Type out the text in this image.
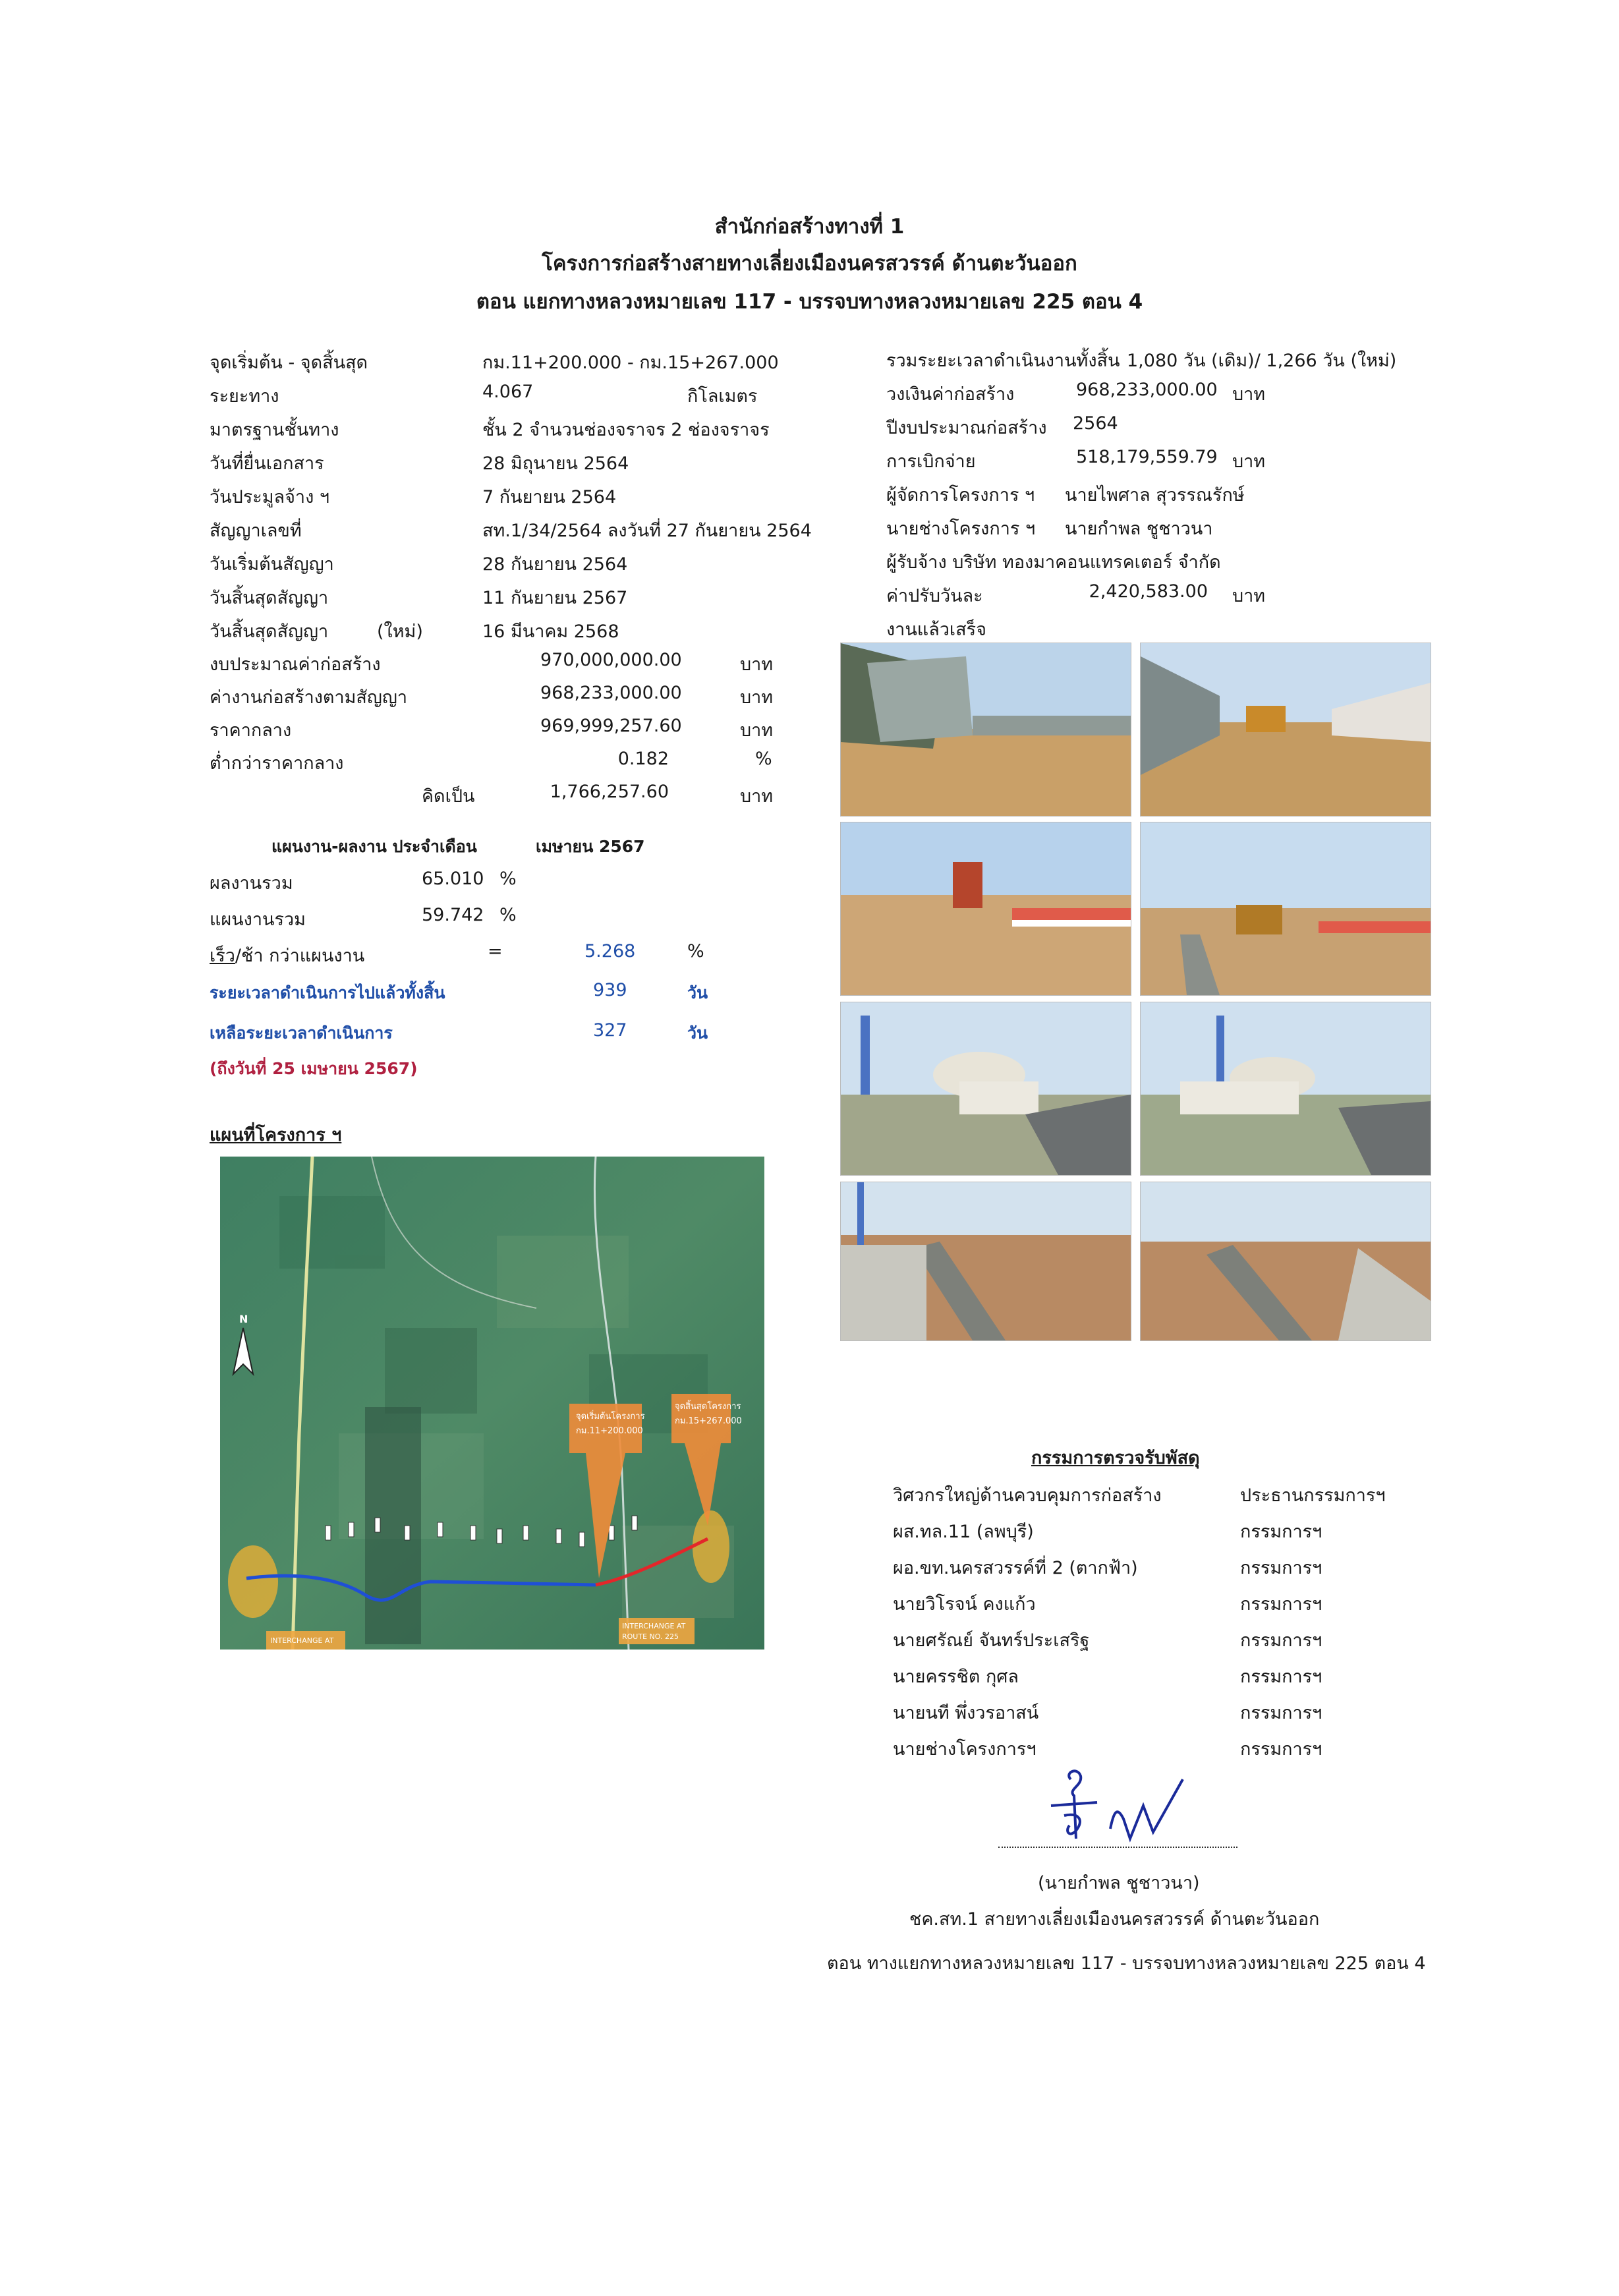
สำนักก่อสร้างทางที่ 1
โครงการก่อสร้างสายทางเลี่ยงเมืองนครสวรรค์ ด้านตะวันออก
ตอน แยกทางหลวงหมายเลข 117 - บรรจบทางหลวงหมายเลข 225 ตอน 4
จุดเริ่มต้น - จุดสิ้นสุด	กม.11+200.000 - กม.15+267.000
ระยะทาง	4.067	กิโลเมตร
มาตรฐานชั้นทาง	ชั้น 2 จำนวนช่องจราจร 2 ช่องจราจร
วันที่ยื่นเอกสาร	28 มิถุนายน 2564
วันประมูลจ้าง ฯ	7 กันยายน 2564
สัญญาเลขที่	สท.1/34/2564 ลงวันที่ 27 กันยายน 2564
วันเริ่มต้นสัญญา	28 กันยายน 2564
วันสิ้นสุดสัญญา	11 กันยายน 2567
วันสิ้นสุดสัญญา	(ใหม่)	16 มีนาคม 2568
งบประมาณค่าก่อสร้าง	970,000,000.00	บาท
ค่างานก่อสร้างตามสัญญา	968,233,000.00	บาท
ราคากลาง	969,999,257.60	บาท
ต่ำกว่าราคากลาง	0.182	%
คิดเป็น	1,766,257.60	บาท
รวมระยะเวลาดำเนินงานทั้งสิ้น 1,080 วัน (เดิม)/ 1,266 วัน (ใหม่)
วงเงินค่าก่อสร้าง	968,233,000.00 บาท
ปีงบประมาณก่อสร้าง 2564
การเบิกจ่าย	518,179,559.79 บาท
ผู้จัดการโครงการ ฯ นายไพศาล สุวรรณรักษ์
นายช่างโครงการ ฯ นายกำพล ชูชาวนา
ผู้รับจ้าง บริษัท ทองมาคอนแทรคเตอร์ จำกัด
ค่าปรับวันละ	2,420,583.00 บาท
งานแล้วเสร็จ
แผนงาน-ผลงาน ประจำเดือน	เมษายน 2567
ผลงานรวม	65.010 %
แผนงานรวม	59.742 %
เร็ว/ช้า กว่าแผนงาน	=	5.268	%
ระยะเวลาดำเนินการไปแล้วทั้งสิ้น	939	วัน
เหลือระยะเวลาดำเนินการ	327	วัน
(ถึงวันที่ 25 เมษายน 2567)
แผนที่โครงการ ฯ
จุดเริ่มต้นโครงการ
กม.11+200.000
จุดสิ้นสุดโครงการ
กม.15+267.000
INTERCHANGE AT
INTERCHANGE AT
ROUTE NO. 225
N
กรรมการตรวจรับพัสดุ
วิศวกรใหญ่ด้านควบคุมการก่อสร้าง	ประธานกรรมการฯ
ผส.ทล.11 (ลพบุรี)	กรรมการฯ
ผอ.ขท.นครสวรรค์ที่ 2 (ตากฟ้า)	กรรมการฯ
นายวิโรจน์ คงแก้ว	กรรมการฯ
นายศรัณย์ จันทร์ประเสริฐ	กรรมการฯ
นายครรชิต กุศล	กรรมการฯ
นายนที พึ่งวรอาสน์	กรรมการฯ
นายช่างโครงการฯ	กรรมการฯ
(นายกำพล ชูชาวนา)
ชค.สท.1 สายทางเลี่ยงเมืองนครสวรรค์ ด้านตะวันออก
ตอน ทางแยกทางหลวงหมายเลข 117 - บรรจบทางหลวงหมายเลข 225 ตอน 4
